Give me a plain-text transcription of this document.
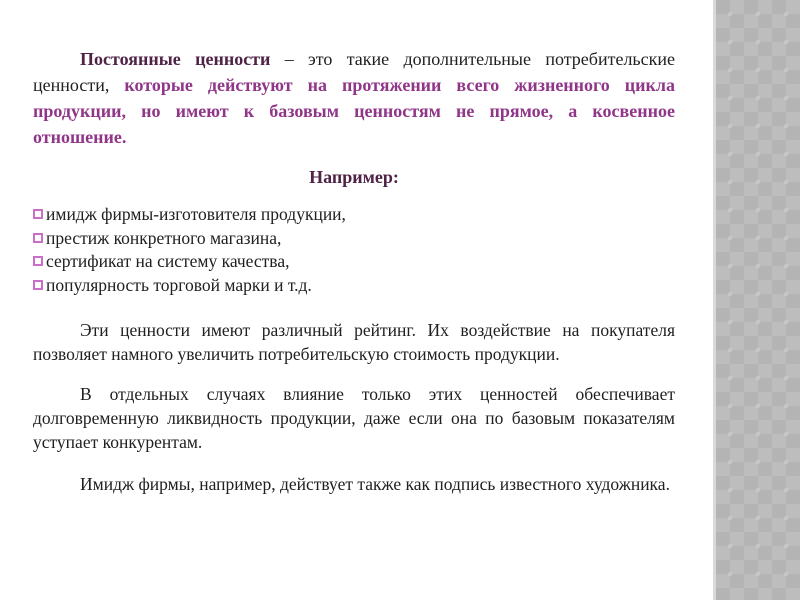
Постоянные ценности – это такие дополнительные потребительские ценности, которые действуют на протяжении всего жизненного цикла продукции, но имеют к базовым ценностям не прямое, а косвенное отношение.

Например:

имидж фирмы-изготовителя продукции,
престиж конкретного магазина,
сертификат на систему качества,
популярность торговой марки и т.д.

Эти ценности имеют различный рейтинг. Их воздействие на покупателя позволяет намного увеличить потребительскую стоимость продукции.

В отдельных случаях влияние только этих ценностей обеспечивает долговременную ликвидность продукции, даже если она по базовым показателям уступает конкурентам.

Имидж фирмы, например, действует также как подпись известного художника.
